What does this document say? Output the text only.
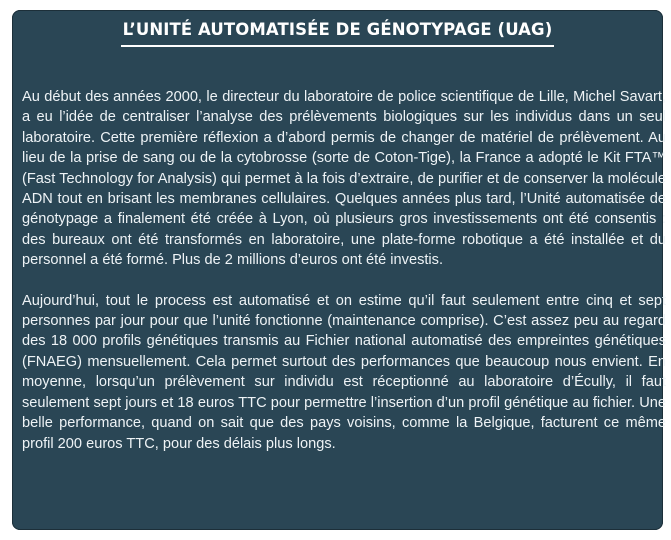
L’UNITÉ AUTOMATISÉE DE GÉNOTYPAGE (UAG)

Au début des années 2000, le directeur du laboratoire de police scientifique de Lille, Michel Savart, a eu l’idée de centraliser l’analyse des prélèvements biologiques sur les individus dans un seul laboratoire. Cette première réflexion a d’abord permis de changer de matériel de prélèvement. Au lieu de la prise de sang ou de la cytobrosse (sorte de Coton-Tige), la France a adopté le Kit FTA™ (Fast Technology for Analysis) qui permet à la fois d’extraire, de purifier et de conserver la molécule ADN tout en brisant les membranes cellulaires. Quelques années plus tard, l’Unité automatisée de génotypage a finalement été créée à Lyon, où plusieurs gros investissements ont été consentis : des bureaux ont été transformés en laboratoire, une plate-forme robotique a été installée et du personnel a été formé. Plus de 2 millions d’euros ont été investis.

Aujourd’hui, tout le process est automatisé et on estime qu’il faut seulement entre cinq et sept personnes par jour pour que l’unité fonctionne (maintenance comprise). C’est assez peu au regard des 18 000 profils génétiques transmis au Fichier national automatisé des empreintes génétiques (FNAEG) mensuellement. Cela permet surtout des performances que beaucoup nous envient. En moyenne, lorsqu’un prélèvement sur individu est réceptionné au laboratoire d’Écully, il faut seulement sept jours et 18 euros TTC pour permettre l’insertion d’un profil génétique au fichier. Une belle performance, quand on sait que des pays voisins, comme la Belgique, facturent ce même profil 200 euros TTC, pour des délais plus longs.
